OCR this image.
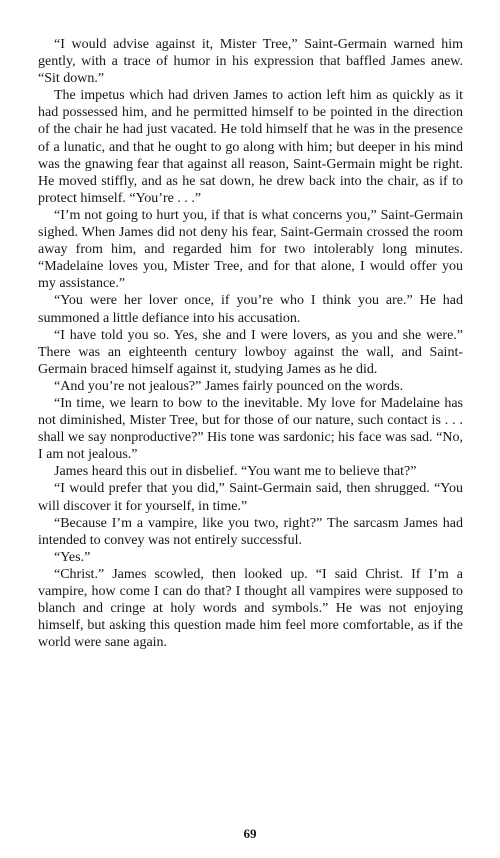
“I would advise against it, Mister Tree,” Saint-Germain warned him gently, with a trace of humor in his expression that baffled James anew. “Sit down.”

The impetus which had driven James to action left him as quickly as it had possessed him, and he permitted himself to be pointed in the direction of the chair he had just vacated. He told himself that he was in the presence of a lunatic, and that he ought to go along with him; but deeper in his mind was the gnawing fear that against all reason, Saint-Germain might be right. He moved stiffly, and as he sat down, he drew back into the chair, as if to protect himself. “You’re . . .”

“I’m not going to hurt you, if that is what concerns you,” Saint-Germain sighed. When James did not deny his fear, Saint-Germain crossed the room away from him, and regarded him for two intolerably long minutes. “Madelaine loves you, Mister Tree, and for that alone, I would offer you my assistance.”

“You were her lover once, if you’re who I think you are.” He had summoned a little defiance into his accusation.

“I have told you so. Yes, she and I were lovers, as you and she were.” There was an eighteenth century lowboy against the wall, and Saint-Germain braced himself against it, studying James as he did.

“And you’re not jealous?” James fairly pounced on the words.

“In time, we learn to bow to the inevitable. My love for Madelaine has not diminished, Mister Tree, but for those of our nature, such contact is . . . shall we say nonproductive?” His tone was sardonic; his face was sad. “No, I am not jealous.”

James heard this out in disbelief. “You want me to believe that?”

“I would prefer that you did,” Saint-Germain said, then shrugged. “You will discover it for yourself, in time.”

“Because I’m a vampire, like you two, right?” The sarcasm James had intended to convey was not entirely successful.

“Yes.”

“Christ.” James scowled, then looked up. “I said Christ. If I’m a vampire, how come I can do that? I thought all vampires were supposed to blanch and cringe at holy words and symbols.” He was not enjoying himself, but asking this question made him feel more comfortable, as if the world were sane again.

69
